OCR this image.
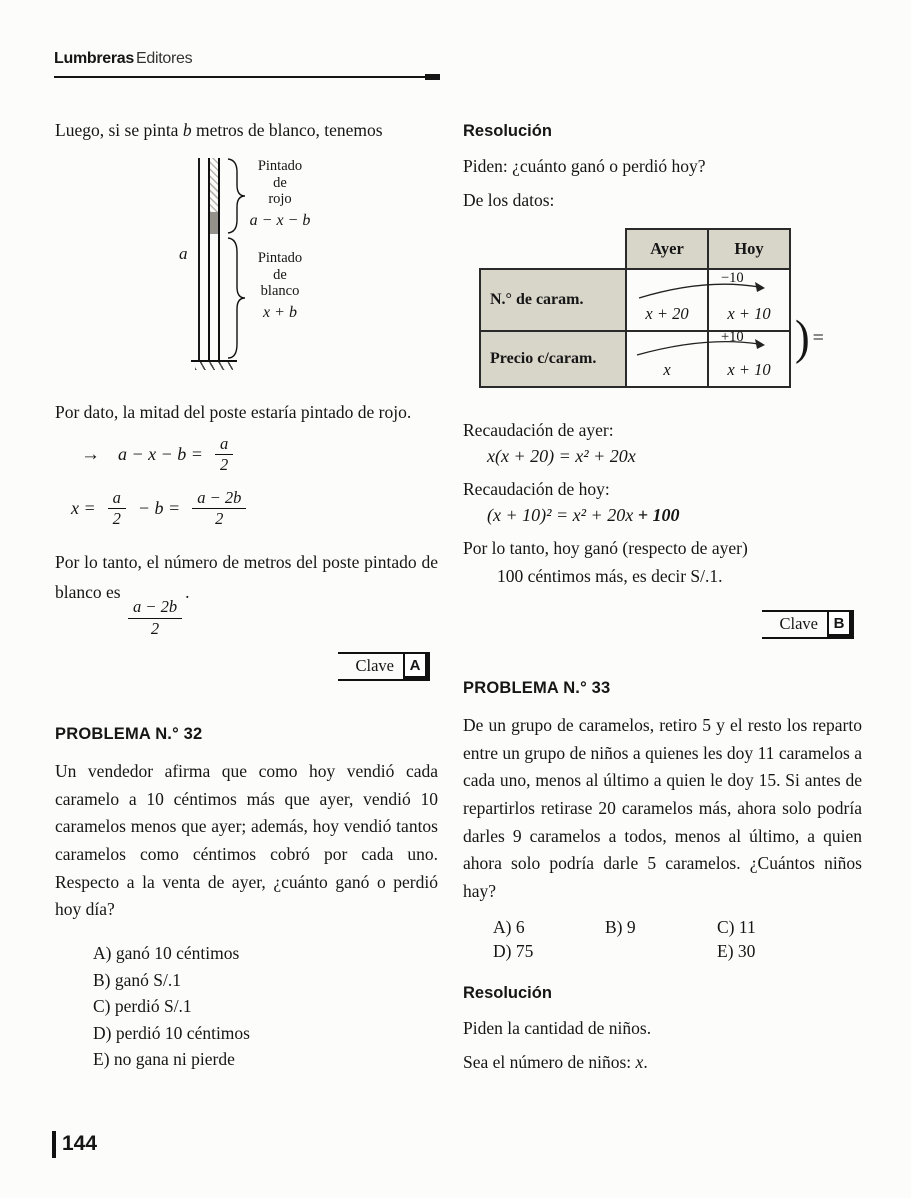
Lumbreras Editores

Luego, si se pinta b metros de blanco, tenemos

a
Pintado
de
rojo
a − x − b
Pintado
de
blanco
x + b

Por dato, la mitad del poste estaría pintado de rojo.

→ $a - x - b = \frac{a}{2}$
$x = \frac{a}{2} - b = \frac{a - 2b}{2}$

Por lo tanto, el número de metros del poste pintado de blanco es
$\frac{a - 2b}{2}$
.

Clave	A
PROBLEMA N.° 32

Un vendedor afirma que como hoy vendió cada caramelo a 10 céntimos más que ayer, vendió 10 caramelos menos que ayer; además, hoy vendió tantos caramelos como céntimos cobró por cada uno. Respecto a la venta de ayer, ¿cuánto ganó o perdió hoy día?

A) ganó 10 céntimos
B) ganó S/.1
C) perdió S/.1
D) perdió 10 céntimos
E) no gana ni pierde
Resolución

Piden: ¿cuánto ganó o perdió hoy?

De los datos:

	Ayer	Hoy
N.° de caram.	x + 20	x + 10
Precio c/caram.	x	x + 10
−10
+10 ) =

Recaudación de ayer:

x(x + 20) = x² + 20x

Recaudación de hoy:

(x + 10)² = x² + 20x + 100

Por lo tanto, hoy ganó (respecto de ayer)

100 céntimos más, es decir S/.1.

Clave	B
PROBLEMA N.° 33

De un grupo de caramelos, retiro 5 y el resto los reparto entre un grupo de niños a quienes les doy 11 caramelos a cada uno, menos al último a quien le doy 15. Si antes de repartirlos retirase 20 caramelos más, ahora solo podría darles 9 caramelos a todos, menos al último, a quien ahora solo podría darle 5 caramelos. ¿Cuántos niños hay?

A) 6	B) 9	C) 11
D) 75	E) 30
Resolución

Piden la cantidad de niños.

Sea el número de niños: x.

144
